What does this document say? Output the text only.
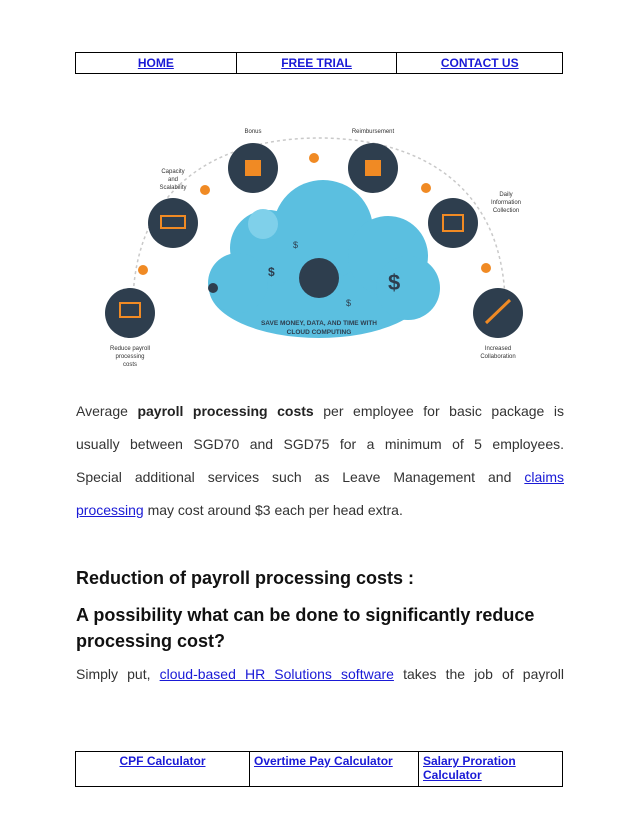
HOME	FREE TRIAL	CONTACT US
$	$
$
$
SAVE MONEY, DATA, AND TIME WITH
CLOUD COMPUTING
Reduce payroll
processing
costs
Capacity
and
Scalability
Bonus	Reimbursement
Daily
Information
Collection
Increased
Collaboration
Average payroll processing costs per employee for basic package is
usually between SGD70 and SGD75 for a minimum of 5 employees.
Special additional services such as Leave Management and claims
processing may cost around $3 each per head extra.
Reduction of payroll processing costs :
A possibility what can be done to significantly reduce processing cost?
Simply put, cloud-based HR Solutions software takes the job of payroll
CPF Calculator	Overtime Pay Calculator	Salary Proration Calculator
